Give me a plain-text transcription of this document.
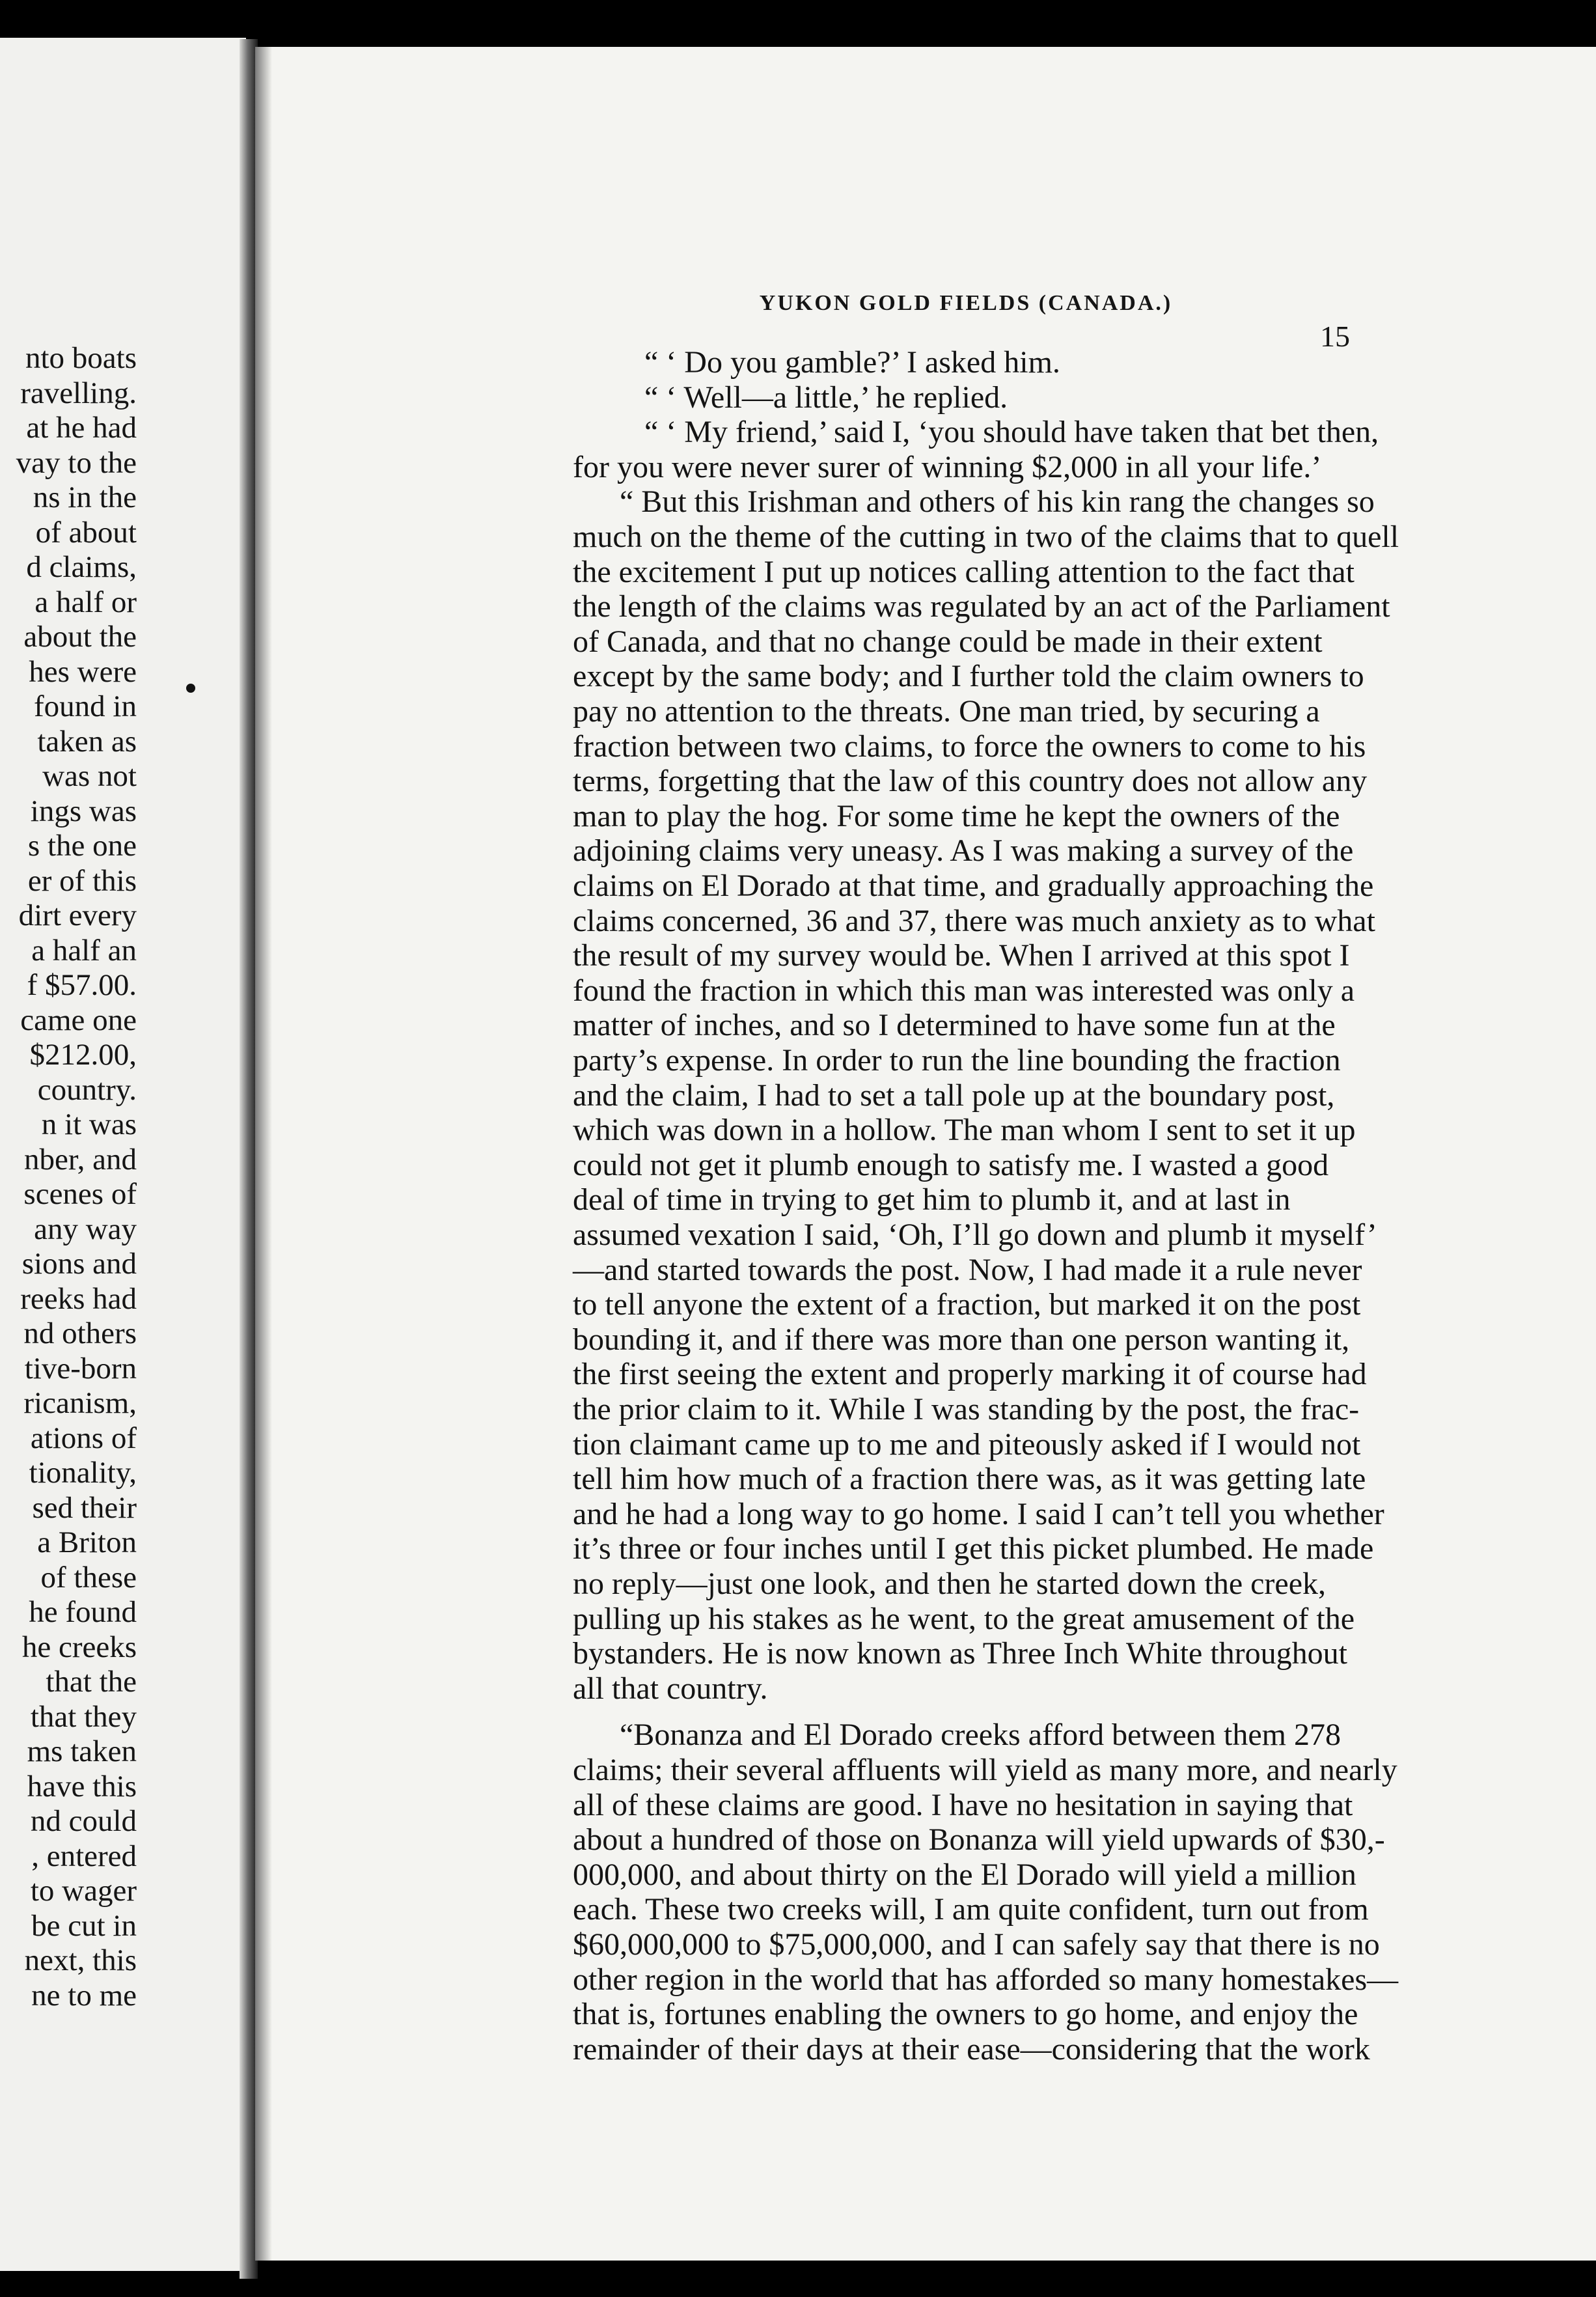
nto boats
ravelling.
at he had
vay to the
ns in the
of about
d claims,
a half or
about the
hes were
found in
taken as
was not
ings was
s the one
er of this
dirt every
a half an
f $57.00.
came one
$212.00,
country.
n it was
nber, and
scenes of
any way
sions and
reeks had
nd others
tive-born
ricanism,
ations of
tionality,
sed their
a Briton
of these
he found
he creeks
that the
that they
ms taken
have this
nd could
, entered
to wager
be cut in
next, this
ne to me
YUKON GOLD FIELDS (CANADA.)
15
“ ‘ Do you gamble?’ I asked him.
“ ‘ Well—a little,’ he replied.
“ ‘ My friend,’ said I, ‘you should have taken that bet then,
for you were never surer of winning $2,000 in all your life.’
“ But this Irishman and others of his kin rang the changes so
much on the theme of the cutting in two of the claims that to quell
the excitement I put up notices calling attention to the fact that
the length of the claims was regulated by an act of the Parliament
of Canada, and that no change could be made in their extent
except by the same body; and I further told the claim owners to
pay no attention to the threats. One man tried, by securing a
fraction between two claims, to force the owners to come to his
terms, forgetting that the law of this country does not allow any
man to play the hog. For some time he kept the owners of the
adjoining claims very uneasy. As I was making a survey of the
claims on El Dorado at that time, and gradually approaching the
claims concerned, 36 and 37, there was much anxiety as to what
the result of my survey would be. When I arrived at this spot I
found the fraction in which this man was interested was only a
matter of inches, and so I determined to have some fun at the
party’s expense. In order to run the line bounding the fraction
and the claim, I had to set a tall pole up at the boundary post,
which was down in a hollow. The man whom I sent to set it up
could not get it plumb enough to satisfy me. I wasted a good
deal of time in trying to get him to plumb it, and at last in
assumed vexation I said, ‘Oh, I’ll go down and plumb it myself’
—and started towards the post. Now, I had made it a rule never
to tell anyone the extent of a fraction, but marked it on the post
bounding it, and if there was more than one person wanting it,
the first seeing the extent and properly marking it of course had
the prior claim to it. While I was standing by the post, the frac-
tion claimant came up to me and piteously asked if I would not
tell him how much of a fraction there was, as it was getting late
and he had a long way to go home. I said I can’t tell you whether
it’s three or four inches until I get this picket plumbed. He made
no reply—just one look, and then he started down the creek,
pulling up his stakes as he went, to the great amusement of the
bystanders. He is now known as Three Inch White throughout
all that country.
“Bonanza and El Dorado creeks afford between them 278
claims; their several affluents will yield as many more, and nearly
all of these claims are good. I have no hesitation in saying that
about a hundred of those on Bonanza will yield upwards of $30,-
000,000, and about thirty on the El Dorado will yield a million
each. These two creeks will, I am quite confident, turn out from
$60,000,000 to $75,000,000, and I can safely say that there is no
other region in the world that has afforded so many homestakes—
that is, fortunes enabling the owners to go home, and enjoy the
remainder of their days at their ease—considering that the work
